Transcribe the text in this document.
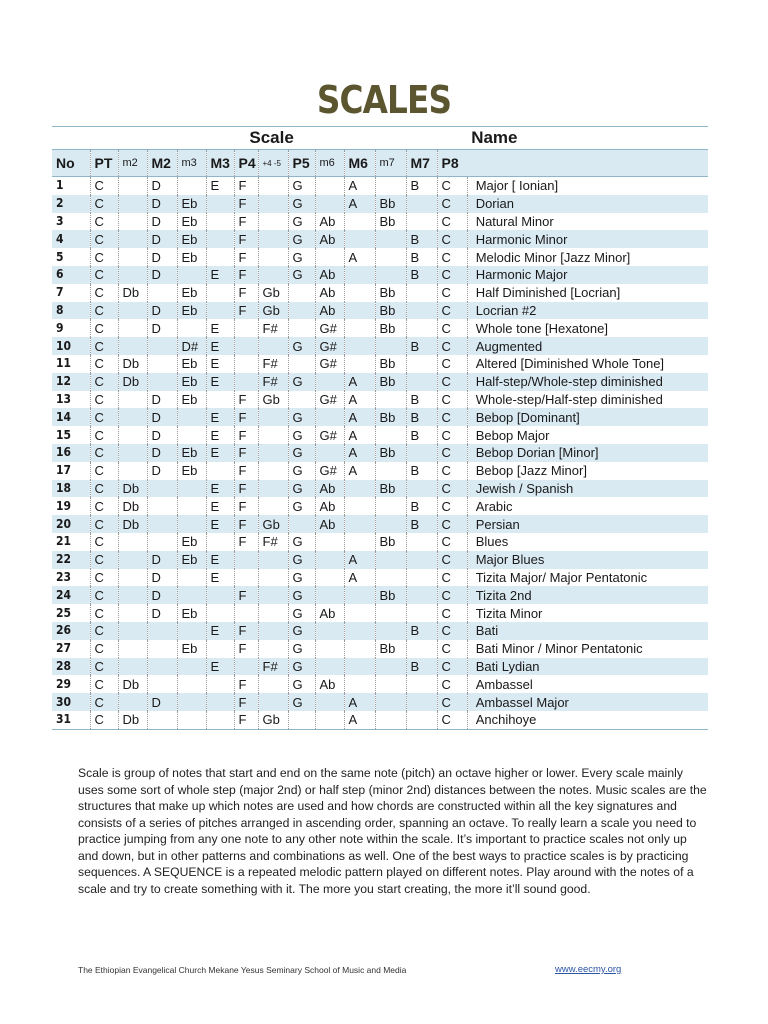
SCALES
Scale														Name
No	PT	m2	M2	m3	M3	P4	+4 -5	P5	m6	M6	m7	M7	P8	
1	C		D		E	F		G		A		B	C	Major [ Ionian]
2	C		D	Eb		F		G		A	Bb		C	Dorian
3	C		D	Eb		F		G	Ab		Bb		C	Natural Minor
4	C		D	Eb		F		G	Ab			B	C	Harmonic Minor
5	C		D	Eb		F		G		A		B	C	Melodic Minor [Jazz Minor]
6	C		D		E	F		G	Ab			B	C	Harmonic Major
7	C	Db		Eb		F	Gb		Ab		Bb		C	Half Diminished [Locrian]
8	C		D	Eb		F	Gb		Ab		Bb		C	Locrian #2
9	C		D		E		F#		G#		Bb		C	Whole tone [Hexatone]
10	C			D#	E			G	G#			B	C	Augmented
11	C	Db		Eb	E		F#		G#		Bb		C	Altered [Diminished Whole Tone]
12	C	Db		Eb	E		F#	G		A	Bb		C	Half-step/Whole-step diminished
13	C		D	Eb		F	Gb		G#	A		B	C	Whole-step/Half-step diminished
14	C		D		E	F		G		A	Bb	B	C	Bebop [Dominant]
15	C		D		E	F		G	G#	A		B	C	Bebop Major
16	C		D	Eb	E	F		G		A	Bb		C	Bebop Dorian [Minor]
17	C		D	Eb		F		G	G#	A		B	C	Bebop [Jazz Minor]
18	C	Db			E	F		G	Ab		Bb		C	Jewish / Spanish
19	C	Db			E	F		G	Ab			B	C	Arabic
20	C	Db			E	F	Gb		Ab			B	C	Persian
21	C			Eb		F	F#	G			Bb		C	Blues
22	C		D	Eb	E			G		A			C	Major Blues
23	C		D		E			G		A			C	Tizita Major/ Major Pentatonic
24	C		D			F		G			Bb		C	Tizita 2nd
25	C		D	Eb				G	Ab				C	Tizita Minor
26	C				E	F		G				B	C	Bati
27	C			Eb		F		G			Bb		C	Bati Minor / Minor Pentatonic
28	C				E		F#	G				B	C	Bati Lydian
29	C	Db				F		G	Ab				C	Ambassel
30	C		D			F		G		A			C	Ambassel Major
31	C	Db				F	Gb			A			C	Anchihoye
Scale is group of notes that start and end on the same note (pitch) an octave higher or lower. Every scale mainly uses some sort of whole step (major 2nd) or half step (minor 2nd) distances between the notes. Music scales are the structures that make up which notes are used and how chords are constructed within all the key signatures and consists of a series of pitches arranged in ascending order, spanning an octave. To really learn a scale you need to practice jumping from any one note to any other note within the scale. It’s important to practice scales not only up and down, but in other patterns and combinations as well. One of the best ways to practice scales is by practicing sequences. A SEQUENCE is a repeated melodic pattern played on different notes. Play around with the notes of a scale and try to create something with it. The more you start creating, the more it’ll sound good.
The Ethiopian Evangelical Church Mekane Yesus Seminary School of Music and Media	www.eecmy.org
